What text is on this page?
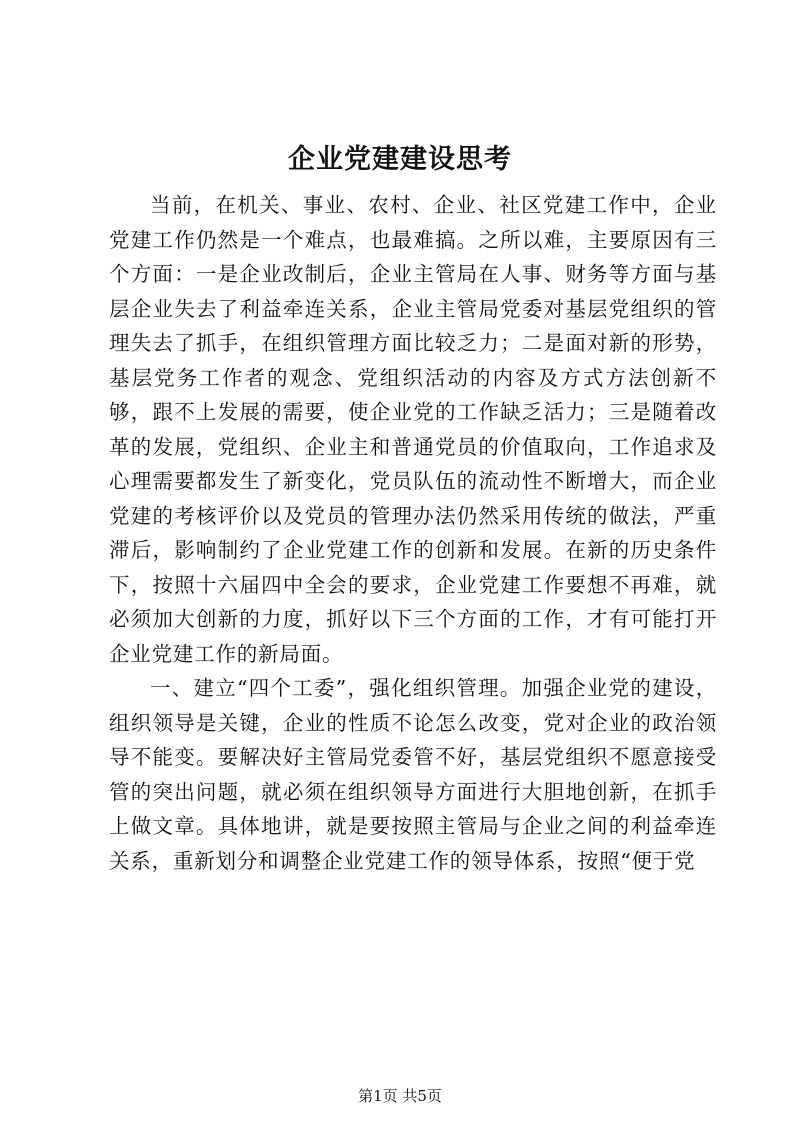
企业党建建设思考

当前，在机关、事业、农村、企业、社区党建工作中，企业党建工作仍然是一个难点，也最难搞。之所以难，主要原因有三个方面：一是企业改制后，企业主管局在人事、财务等方面与基层企业失去了利益牵连关系，企业主管局党委对基层党组织的管理失去了抓手，在组织管理方面比较乏力；二是面对新的形势，基层党务工作者的观念、党组织活动的内容及方式方法创新不够，跟不上发展的需要，使企业党的工作缺乏活力；三是随着改革的发展，党组织、企业主和普通党员的价值取向，工作追求及心理需要都发生了新变化，党员队伍的流动性不断增大，而企业党建的考核评价以及党员的管理办法仍然采用传统的做法，严重滞后，影响制约了企业党建工作的创新和发展。在新的历史条件下，按照十六届四中全会的要求，企业党建工作要想不再难，就必须加大创新的力度，抓好以下三个方面的工作，才有可能打开企业党建工作的新局面。

一、建立“四个工委”，强化组织管理。加强企业党的建设，组织领导是关键，企业的性质不论怎么改变，党对企业的政治领导不能变。要解决好主管局党委管不好，基层党组织不愿意接受管的突出问题，就必须在组织领导方面进行大胆地创新，在抓手上做文章。具体地讲，就是要按照主管局与企业之间的利益牵连关系，重新划分和调整企业党建工作的领导体系，按照“便于党

第1页 共5页
